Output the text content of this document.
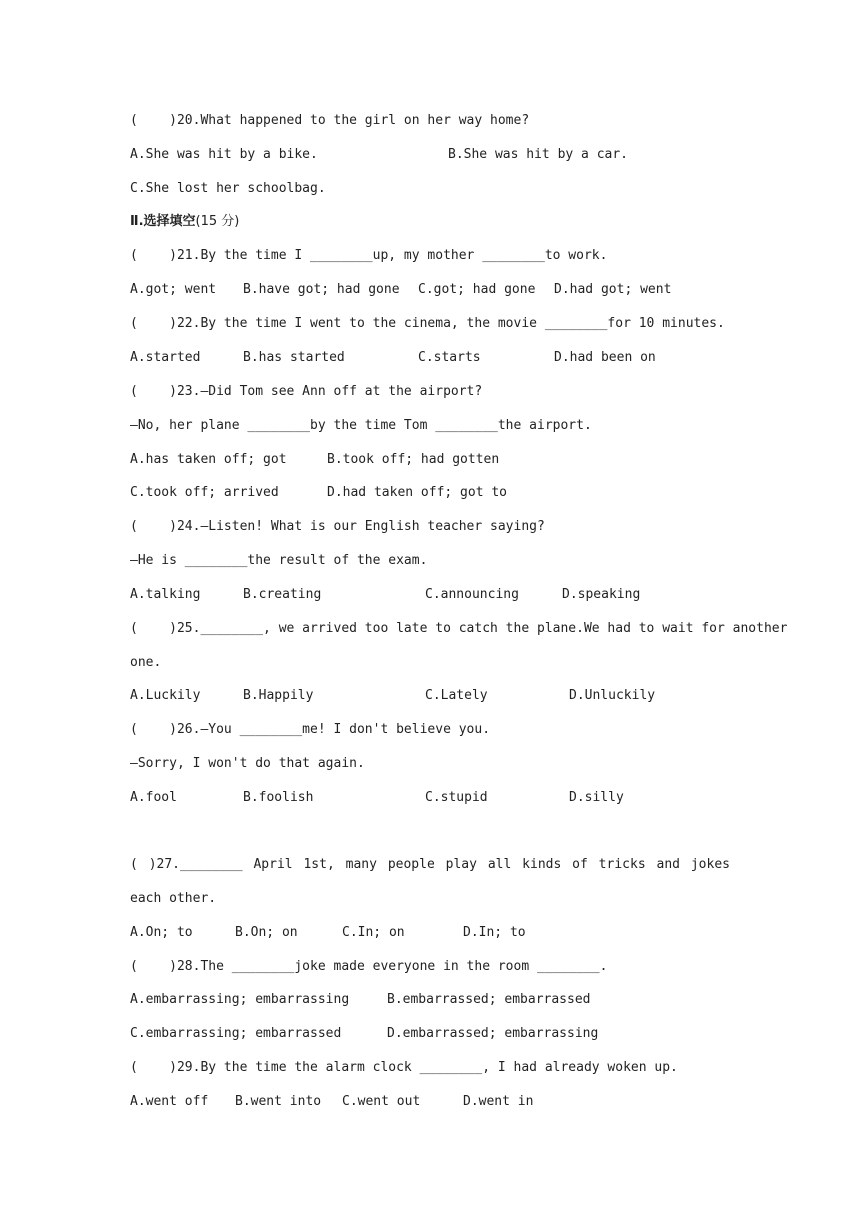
(    )20.What happened to the girl on her way home?
A.She was hit by a bike.	B.She was hit by a car.
C.She lost her schoolbag.
Ⅱ.选择填空(15 分)
(    )21.By the time I ________up, my mother ________to work.
A.got; went B.have got; had gone C.got; had gone D.had got; went
(    )22.By the time I went to the cinema, the movie ________for 10 minutes.
A.started	B.has started	C.starts	D.had been on
(    )23.—Did Tom see Ann off at the airport?
—No, her plane ________by the time Tom ________the airport.
A.has taken off; got	B.took off; had gotten
C.took off; arrived	D.had taken off; got to
(    )24.—Listen! What is our English teacher saying?
—He is ________the result of the exam.
A.talking	B.creating	C.announcing	D.speaking
(    )25.________, we arrived too late to catch the plane.We had to wait for another
one.
A.Luckily	B.Happily	C.Lately	D.Unluckily
(    )26.—You ________me! I don't believe you.
—Sorry, I won't do that again.
A.fool	B.foolish	C.stupid	D.silly
( )27.________ April 1st, many people play all kinds of tricks and jokes
each other.
A.On; to	B.On; on	C.In; on	D.In; to
(    )28.The ________joke made everyone in the room ________.
A.embarrassing; embarrassing	B.embarrassed; embarrassed
C.embarrassing; embarrassed	D.embarrassed; embarrassing
(    )29.By the time the alarm clock ________, I had already woken up.
A.went off B.went into C.went out	D.went in
